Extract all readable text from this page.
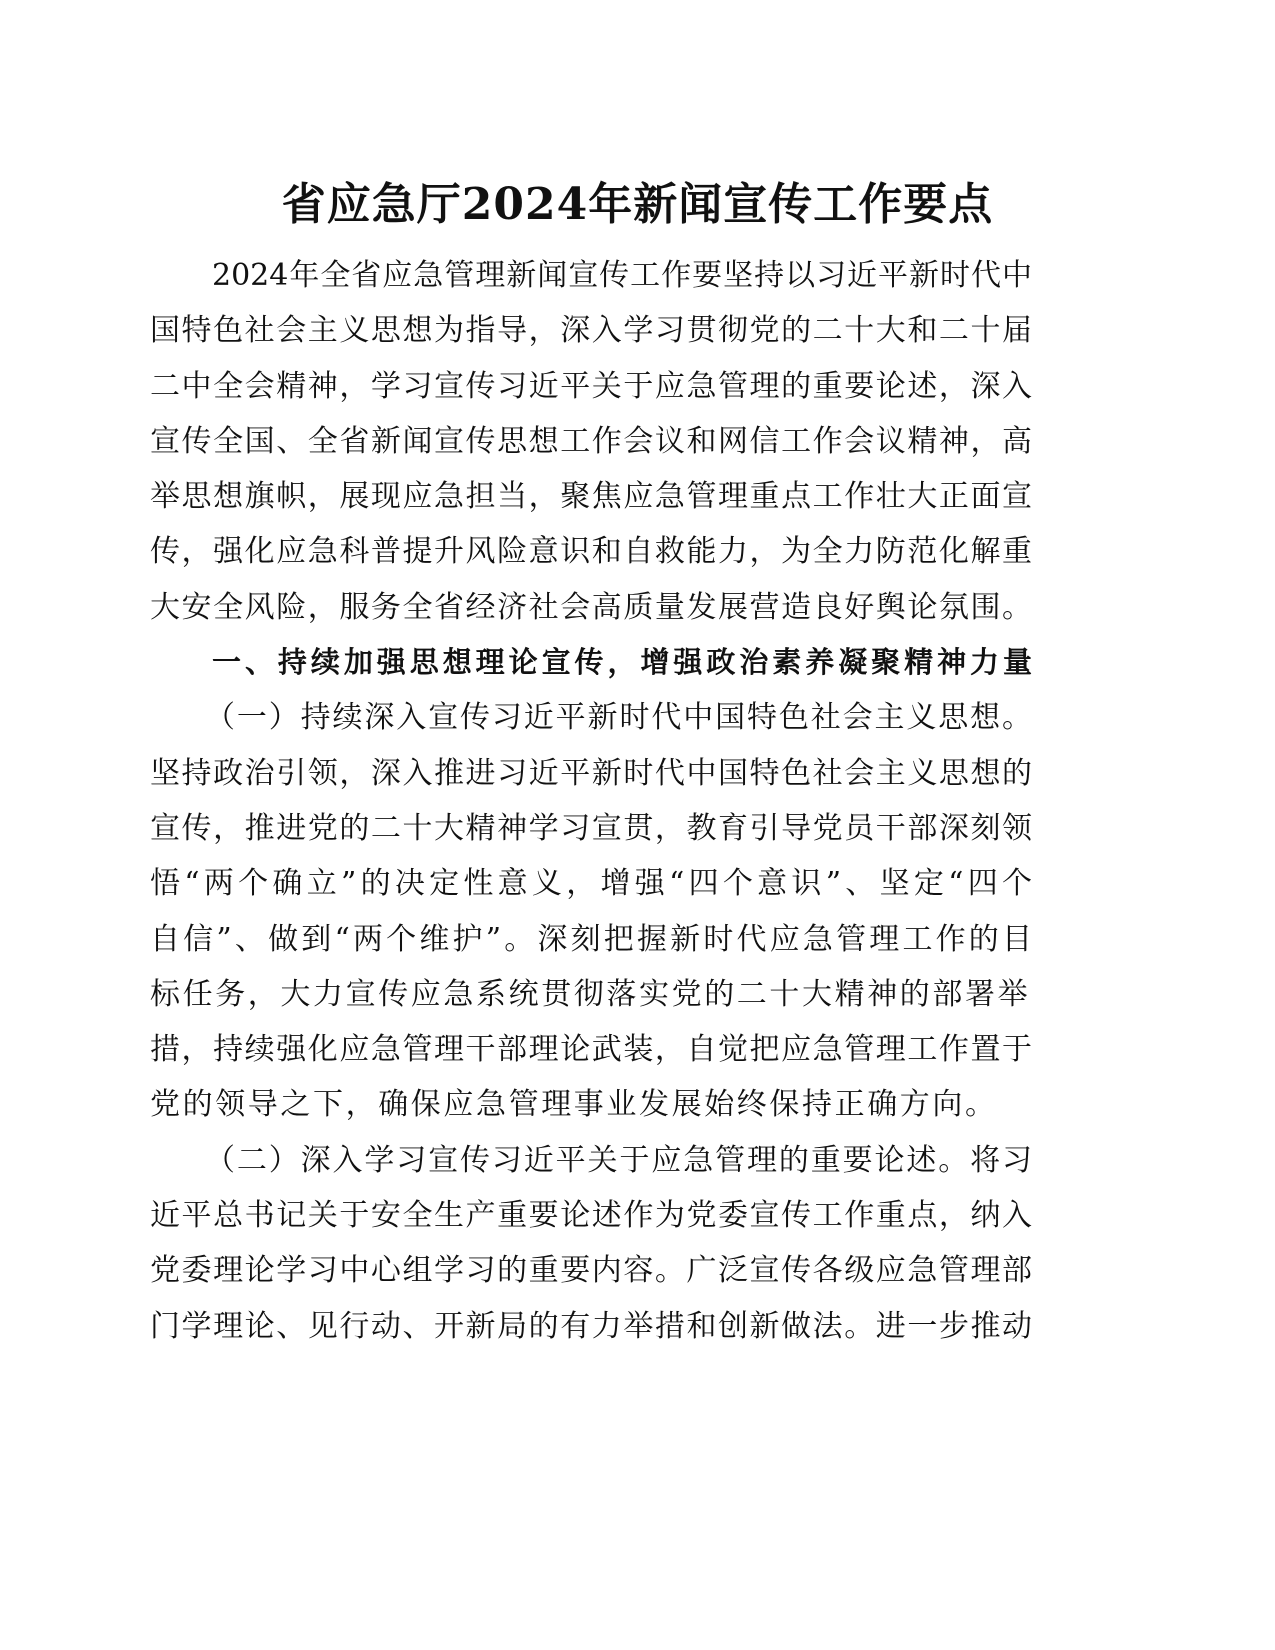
省应急厅2024年新闻宣传工作要点
2024年全省应急管理新闻宣传工作要坚持以习近平新时代中
国特色社会主义思想为指导，深入学习贯彻党的二十大和二十届
二中全会精神，学习宣传习近平关于应急管理的重要论述，深入
宣传全国、全省新闻宣传思想工作会议和网信工作会议精神，高
举思想旗帜，展现应急担当，聚焦应急管理重点工作壮大正面宣
传，强化应急科普提升风险意识和自救能力，为全力防范化解重
大安全风险，服务全省经济社会高质量发展营造良好舆论氛围。
一、持续加强思想理论宣传，增强政治素养凝聚精神力量
（一）持续深入宣传习近平新时代中国特色社会主义思想。
坚持政治引领，深入推进习近平新时代中国特色社会主义思想的
宣传，推进党的二十大精神学习宣贯，教育引导党员干部深刻领
悟“两个确立”的决定性意义，增强“四个意识”、坚定“四个
自信”、做到“两个维护”。深刻把握新时代应急管理工作的目
标任务，大力宣传应急系统贯彻落实党的二十大精神的部署举
措，持续强化应急管理干部理论武装，自觉把应急管理工作置于
党的领导之下，确保应急管理事业发展始终保持正确方向。
（二）深入学习宣传习近平关于应急管理的重要论述。将习
近平总书记关于安全生产重要论述作为党委宣传工作重点，纳入
党委理论学习中心组学习的重要内容。广泛宣传各级应急管理部
门学理论、见行动、开新局的有力举措和创新做法。进一步推动
